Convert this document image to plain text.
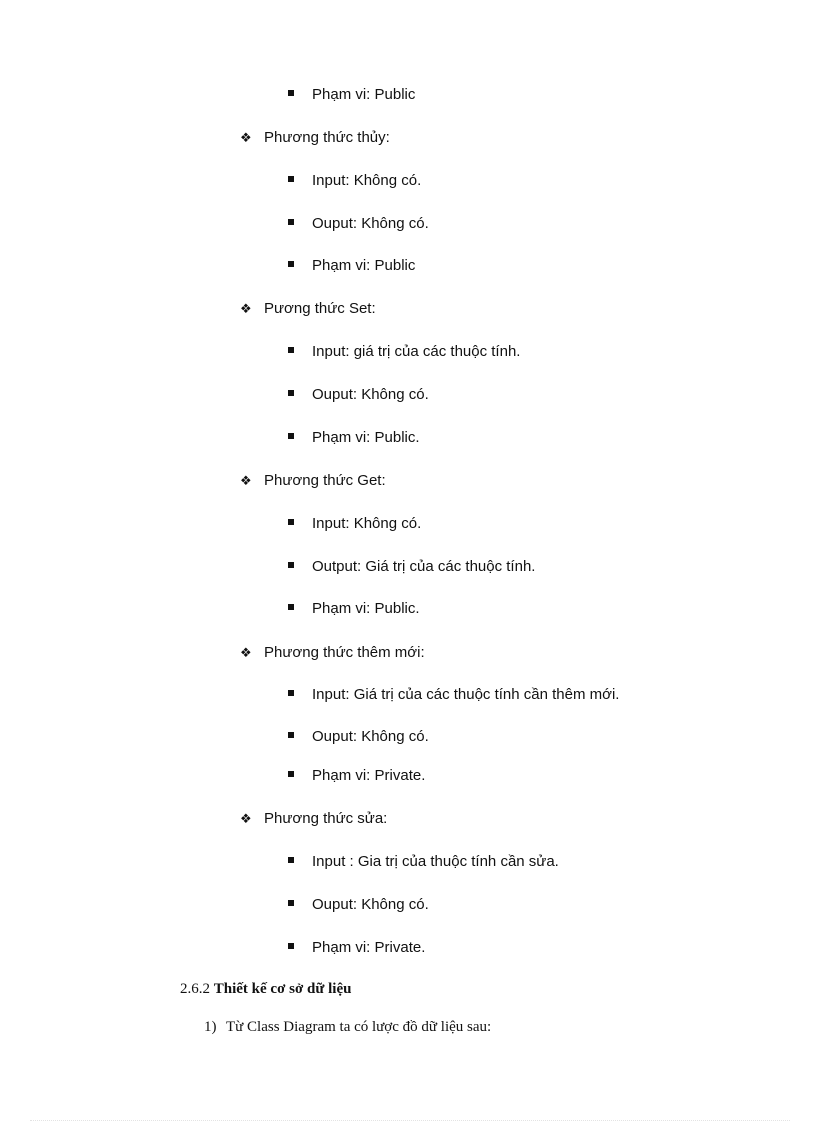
Phạm vi: Public
❖ Phương thức thủy:
Input: Không có.
Ouput: Không có.
Phạm vi: Public
❖ Pương thức Set:
Input: giá trị của các thuộc tính.
Ouput: Không có.
Phạm vi: Public.
❖ Phương thức Get:
Input: Không có.
Output: Giá trị của các thuộc tính.
Phạm vi: Public.
❖ Phương thức thêm mới:
Input: Giá trị của các thuộc tính cần thêm mới.
Ouput: Không có.
Phạm vi: Private.
❖ Phương thức sửa:
Input : Gia trị của thuộc tính cần sửa.
Ouput: Không có.
Phạm vi: Private.
2.6.2 Thiết kế cơ sở dữ liệu
1) Từ Class Diagram ta có lược đồ dữ liệu sau:
